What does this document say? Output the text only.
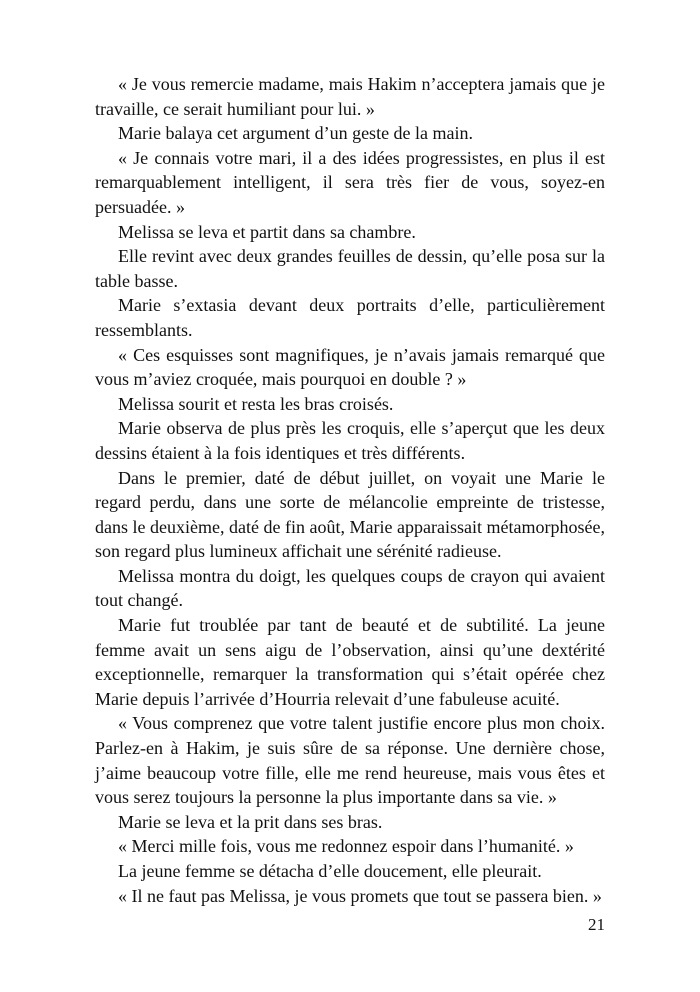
« Je vous remercie madame, mais Hakim n’acceptera jamais que je travaille, ce serait humiliant pour lui. »

Marie balaya cet argument d’un geste de la main.

« Je connais votre mari, il a des idées progressistes, en plus il est remarquablement intelligent, il sera très fier de vous, soyez-en persuadée. »

Melissa se leva et partit dans sa chambre.

Elle revint avec deux grandes feuilles de dessin, qu’elle posa sur la table basse.

Marie s’extasia devant deux portraits d’elle, particulièrement ressemblants.

« Ces esquisses sont magnifiques, je n’avais jamais remarqué que vous m’aviez croquée, mais pourquoi en double ? »

Melissa sourit et resta les bras croisés.

Marie observa de plus près les croquis, elle s’aperçut que les deux dessins étaient à la fois identiques et très différents.

Dans le premier, daté de début juillet, on voyait une Marie le regard perdu, dans une sorte de mélancolie empreinte de tristesse, dans le deuxième, daté de fin août, Marie apparaissait métamorphosée, son regard plus lumineux affichait une sérénité radieuse.

Melissa montra du doigt, les quelques coups de crayon qui avaient tout changé.

Marie fut troublée par tant de beauté et de subtilité. La jeune femme avait un sens aigu de l’observation, ainsi qu’une dextérité exceptionnelle, remarquer la transformation qui s’était opérée chez Marie depuis l’arrivée d’Hourria relevait d’une fabuleuse acuité.

« Vous comprenez que votre talent justifie encore plus mon choix. Parlez-en à Hakim, je suis sûre de sa réponse. Une dernière chose, j’aime beaucoup votre fille, elle me rend heureuse, mais vous êtes et vous serez toujours la personne la plus importante dans sa vie. »

Marie se leva et la prit dans ses bras.

« Merci mille fois, vous me redonnez espoir dans l’humanité. »

La jeune femme se détacha d’elle doucement, elle pleurait.

« Il ne faut pas Melissa, je vous promets que tout se passera bien. »

21
